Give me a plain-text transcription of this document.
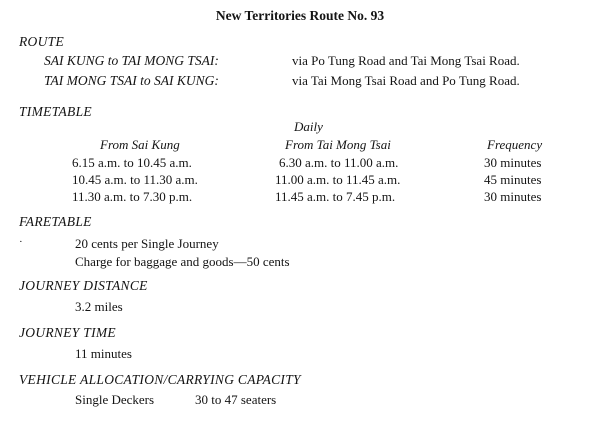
New Territories Route No. 93
ROUTE
SAI KUNG to TAI MONG TSAI:	via Po Tung Road and Tai Mong Tsai Road.
TAI MONG TSAI to SAI KUNG:	via Tai Mong Tsai Road and Po Tung Road.
TIMETABLE
Daily
From Sai Kung	From Tai Mong Tsai	Frequency
6.15 a.m. to 10.45 a.m.	6.30 a.m. to 11.00 a.m.	30 minutes
10.45 a.m. to 11.30 a.m.	11.00 a.m. to 11.45 a.m.	45 minutes
11.30 a.m. to 7.30 p.m.	11.45 a.m. to 7.45 p.m.	30 minutes
FARETABLE
·	20 cents per Single Journey
Charge for baggage and goods—50 cents
JOURNEY DISTANCE
3.2 miles
JOURNEY TIME
11 minutes
VEHICLE ALLOCATION/CARRYING CAPACITY
Single Deckers	30 to 47 seaters
